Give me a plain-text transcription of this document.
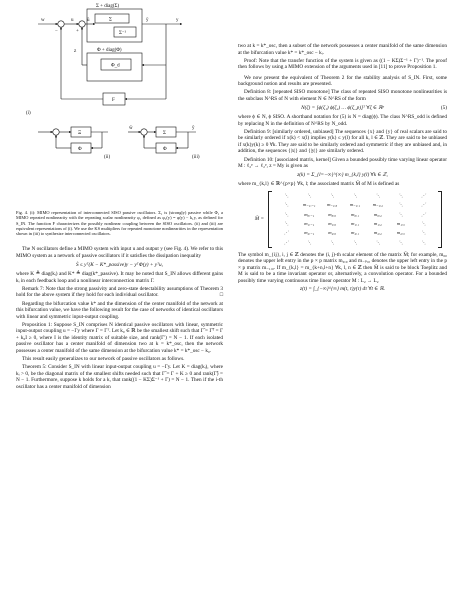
Σ + diag(Σ)
Σ
Σ⁻¹
Φ + diag(Φ)
Φ_d
F
u
w	ū	y
ȳ
z
−	+
Ξ
Φ
Σ
Φ
ŵ	ŷ
(i)
(ii)	(iii)

Fig. 4. (i): MIMO representation of interconnected SISO passive oscillators. Σ₁ is (strongly) passive while Φ₁ a MIMO repeated nonlinearity with the repeating scalar nonlinearity φ₁ defined as φ₁(y) = φ(y) − k₁y, as defined for S_IN. The function F characterizes the possibly nonlinear coupling between the SISO oscillators. (ii) and (iii) are equivalent representations of (i). We use the KS multipliers for repeated monotone nonlinearities in the representation shown in (iii) to synthesize interconnected oscillators.

The N oscillators define a MIMO system with input u and output y (see Fig. 4). We refer to this MIMO system as a network of passive oscillators if it satisfies the dissipation inequality

Ṡ ≤ yᵀ(K − K*_passive)y − yᵀΦ(y) + yᵀu,

where K ≜ diag(kᵢ) and K* ≜ diag(k*_passive). It may be noted that S_IN allows different gains kᵢ in each feedback loop and a nonlinear interconnection matrix Γ.

Remark 7: Note that the strong passivity and zero-state detectability assumptions of Theorem 3 hold for the above system if they hold for each individual oscillator.	□

Regarding the bifurcation value k* and the dimension of the center manifold of the network at this bifurcation value, we have the following result for the case of networks of identical oscillators with linear and symmetric input-output coupling.

Proposition 1: Suppose S_IN comprises N identical passive oscillators with linear, symmetric input-output coupling u = −Γy where Γ = Γᵀ. Let k₀ ∈ ℝ be the smallest shift such that Γ̃ = Γ̃ᵀ = Γ + k₀I ≥ 0, where I is the identity matrix of suitable size, and rank(Γ') = N − 1. If each isolated passive oscillator has a center manifold of dimension two at k = k*_osc, then the network possesses a center manifold of the same dimension at the bifurcation value k* = k*_osc − k₀.

This result easily generalizes to our network of passive oscillators as follows.

Theorem 5: Consider S_IN with linear input-output coupling u = −Γy. Let K = diag(kᵢ), where kᵢ > 0, be the diagonal matrix of the smallest shifts needed such that Γ̃ = Γ + K ≥ 0 and rank(Γ̃) = N − 1. Furthermore, suppose k holds for a k, that rank((1 − KΣ)Σ⁻¹ + Γ) = N − 1. Then if the i-th oscillator has a center manifold of dimension

two at k = k*_osc, then a subset of the network possesses a center manifold of the same dimension at the bifurcation value k* = k*_osc − kᵢ.

Proof: Note that the transfer function of the system is given as ((1 − KΣ)Σ⁻¹ + Γ)⁻¹. The proof then follows by using a MIMO extension of the arguments used in [11] to prove Proposition 1.

We now present the equivalent of Theorem 2 for the stability analysis of S_IN. First, some background notion and results are presented.

Definition 8: [repeated SISO monotone] The class of repeated SISO monotone nonlinearities is the subclass N^RS of N with element N ∈ N^RS of the form

N(ζ) = [ϕ(ζ₁) ϕ(ζ₂) … ϕ(ζ_p)]ᵀ ∀ζ ∈ ℝᵖ	(5)

where ϕ ∈ N, ϕ SISO. A shorthand notation for (5) is N = diag(ϕ). The class N^RS_odd is defined by replacing N in the definition of N^RS by N_odd.

Definition 9: [similarly ordered, unbiased] The sequences {x} and {y} of real scalars are said to be similarly ordered if x(k) < x(l) implies y(k) ≤ y(l) for all k, l ∈ ℤ. They are said to be unbiased if x(k)y(k) ≥ 0 ∀k. They are said to be similarly ordered and symmetric if they are unbiased and, in addition, the sequences {|x|} and {|y|} are similarly ordered.

Definition 10: [associated matrix, kernel] Given a bounded possibly time varying linear operator M : ℓ₂ᵖ → ℓ₂ᵖ, z = My is given as

z(k) = Σ_{l=−∞}^{∞} m_{k,l} y(l) ∀k ∈ ℤ,

where m_{k,l} ∈ ℝ^{p×p} ∀k, l; the associated matrix M̄ of M is defined as

M̄ =
⋱	⋱	⋱	⋱	⋱	⋱	⋰
⋱	m₋₁,₋₁	m₋₁,₀	m₋₁,₁	m₋₁,₂	⋱	⋰
⋱	m₀,₋₁	m₀,₀	m₀,₁	m₀,₂	⋱	⋰
⋱	m₁,₋₁	m₁,₀	m₁,₁	m₁,₂	m₁,₃	⋱
⋰	m₂,₋₁	m₂,₀	m₂,₁	m₂,₂	m₂,₃	⋱
⋰	⋱	⋱	⋱	⋱	⋱	⋱

The symbol m_{ij}, i, j ∈ ℤ denotes the (i, j)-th scalar element of the matrix M̄; for example, m₀₀ denotes the upper left entry in the p × p matrix m₀,₀ and m₋ₚ,₀ denotes the upper left entry in the p × p matrix m₋₁,₀. If m_{k,l} = m_{k+n,l+n} ∀k, l, n ∈ ℤ then M̄ is said to be block Toeplitz and M is said to be a time invariant operator or, alternatively, a convolution operator. For a bounded possibly time varying continuous time linear operator M : L₂ → L₂

z(t) = ∫_{−∞}^{∞} m(t, τ)y(τ) dτ ∀t ∈ ℝ.
